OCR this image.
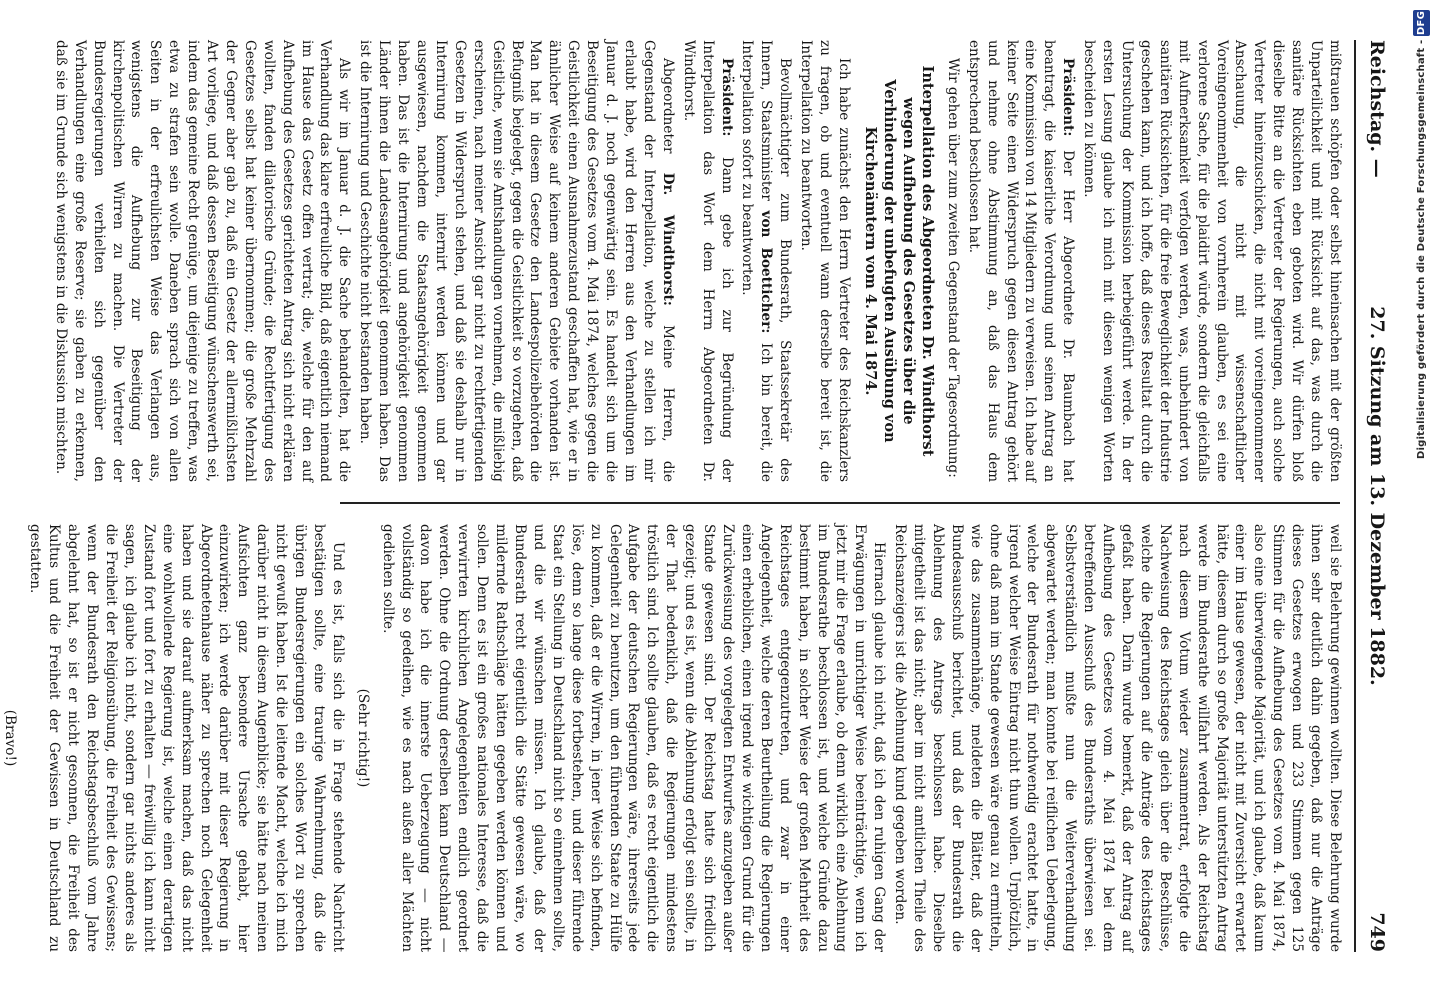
Reichstag. —
27. Sitzung am 13. Dezember 1882.
749

mißtrauen schöpfen oder selbst hineinsachen mit der größten Unparteilichkeit und mit Rücksicht auf das, was durch die sanitäre Rücksichten eben geboten wird. Wir dürfen bloß dieselbe Bitte an die Vertreter der Regierungen, auch solche Vertreter hineinzuschicken, die nicht mit voreingenommener Anschauung, die nicht mit wissenschaftlicher Voreingenommenheit von vornherein glauben, es sei eine verlorene Sache, für die plaidirt würde, sondern die gleichfalls mit Aufmerksamkeit verfolgen werden, was, unbehindert von sanitären Rücksichten, für die freie Beweglichkeit der Industrie geschehen kann, und ich hoffe, daß dieses Resultat durch die Untersuchung der Kommission herbeigeführt werde. In der ersten Lesung glaube ich mich mit diesen wenigen Worten bescheiden zu können.

Präsident: Der Herr Abgeordnete Dr. Baumbach hat beantragt, die kaiserliche Verordnung und seinen Antrag an eine Kommission von 14 Mitgliedern zu verweisen. Ich habe auf keiner Seite einen Widerspruch gegen diesen Antrag gehört und nehme ohne Abstimmung an, daß das Haus dem entsprechend beschlossen hat.

Wir gehen über zum zweiten Gegenstand der Tagesordnung:

Interpellation des Abgeordneten Dr. Windthorst wegen Aufhebung des Gesetzes über die Verhinderung der unbefugten Ausübung von Kirchenämtern vom 4. Mai 1874.

Ich habe zunächst den Herrn Vertreter des Reichskanzlers zu fragen, ob und eventuell wann derselbe bereit ist, die Interpellation zu beantworten.

Bevollmächtigter zum Bundesrath, Staatssekretär des Innern, Staatsminister von Boetticher: Ich bin bereit, die Interpellation sofort zu beantworten.

Präsident: Dann gebe ich zur Begründung der Interpellation das Wort dem Herrn Abgeordneten Dr. Windthorst.

Abgeordneter Dr. Windthorst: Meine Herren, die Gegenstand der Interpellation, welche zu stellen ich mir erlaubt habe, wird den Herren aus den Verhandlungen im Januar d. J. noch gegenwärtig sein. Es handelt sich um die Beseitigung des Gesetzes vom 4. Mai 1874, welches gegen die Geistlichkeit einen Ausnahmezustand geschaffen hat, wie er in ähnlicher Weise auf keinem anderen Gebiete vorhanden ist. Man hat in diesem Gesetze den Landespolizeibehörden die Befugniß beigelegt, gegen die Geistlichkeit so vorzugehen, daß Geistliche, wenn sie Amtshandlungen vornehmen, die mißliebig erscheinen, nach meiner Ansicht gar nicht zu rechtfertigenden Gesetzen in Widerspruch stehen, und daß sie deshalb nur in Internirung kommen, internirt werden können und gar ausgewiesen, nachdem die Staatsangehörigkeit genommen haben. Das ist die Internirung und angehörigkeit genommen Länder ihnen die Landesangehörigkeit genommen haben. Das ist die Internirung und Geschichte nicht bestanden haben.

Als wir im Januar d. J. die Sache behandelten, hat die Verhandlung das klare erfreuliche Bild, daß eigentlich niemand im Hause das Gesetz offen vertrat; die, welche für den auf Aufhebung des Gesetzes gerichteten Antrag sich nicht erklären wollten, fanden dilatorische Gründe; die Rechtfertigung des Gesetzes selbst hat keiner übernommen; die große Mehrzahl der Gegner aber gab zu, daß ein Gesetz der allermißlichsten Art vorliege, und daß dessen Beseitigung wünschenswerth sei, indem das gemeine Recht genüge, um diejenige zu treffen, was etwa zu strafen sein wolle. Daneben sprach sich von allen Seiten in der erfreulichsten Weise das Verlangen aus, wenigstens die Aufhebung zur Beseitigung der kirchenpolitischen Wirren zu machen. Die Vertreter der Bundesregierungen verhielten sich gegenüber den Verhandlungen eine große Reserve; sie gaben zu erkennen, daß sie im Grunde sich wenigstens in die Diskussion mischten.

weil sie Belehrung gewinnen wollten. Diese Belehrung wurde ihnen sehr deutlich dahin gegeben, daß nur die Anträge dieses Gesetzes erwogen und 233 Stimmen gegen 125 Stimmen für die Aufhebung des Gesetzes vom 4. Mai 1874, also eine überwiegende Majorität, und ich glaube, daß kaum einer im Hause gewesen, der nicht mit Zuversicht erwartet hätte, diesem durch so große Majorität unterstützten Antrag werde im Bundesrathe willfahrt werden. Als der Reichstag nach diesem Votum wieder zusammentrat, erfolgte die Nachweisung des Reichstages gleich über die Beschlüsse, welche die Regierungen auf die Anträge des Reichstages gefaßt haben. Darin wurde bemerkt, daß der Antrag auf Aufhebung des Gesetzes vom 4. Mai 1874 bei dem betreffenden Ausschuß des Bundesraths überwiesen sei. Selbstverständlich mußte nun die Weiterverhandlung abgewartet werden; man konnte bei reiflichen Ueberlegung, welche der Bundesrath für nothwendig erachtet hatte, in irgend welcher Weise Eintrag nicht thun wollen. Urplötzlich, ohne daß man im Stande gewesen wäre genau zu ermitteln, wie das zusammenhänge, meldeten die Blätter, daß der Bundesausschuß berichtet, und daß der Bundesrath die Ablehnung des Antrags beschlossen habe. Dieselbe mitgetheilt ist das nicht; aber im nicht amtlichen Theile des Reichsanzeigers ist die Ablehnung kund gegeben worden.

Hiernach glaube ich nicht, daß ich den ruhigen Gang der Erwägungen in unrichtiger Weise beeinträchtige, wenn ich jetzt mir die Frage erlaube, ob denn wirklich eine Ablehnung im Bundesrathe beschlossen ist, und welche Gründe dazu bestimmt haben, in solcher Weise der großen Mehrheit des Reichstages entgegenzutreten, und zwar in einer Angelegenheit, welche deren Beurtheilung die Regierungen einen erheblichen, einen irgend wie wichtigen Grund für die Zurückweisung des vorgelegten Entwurfes anzugeben außer Stande gewesen sind. Der Reichstag hatte sich friedlich gezeigt; und es ist, wenn die Ablehnung erfolgt sein sollte, in der That bedenklich, daß die Regierungen mindestens tröstlich sind. Ich sollte glauben, daß es recht eigentlich die Aufgabe der deutschen Regierungen wäre, ihrerseits jede Gelegenheit zu benutzen, um den führenden Staate zu Hülfe zu kommen, daß er die Wirren, in jener Weise sich befinden, löse, denn so lange diese fortbestehen, und dieser führende Staat ein Stellung in Deutschland nicht so einnehmen sollte, und die wir wünschen müssen. Ich glaube, daß der Bundesrath recht eigentlich die Stätte gewesen wäre, wo mildernde Rathschläge hätten gegeben werden können und sollen. Denn es ist ein großes nationales Interesse, daß die verwirrten kirchlichen Angelegenheiten endlich geordnet werden. Ohne die Ordnung derselben kann Deutschland ― davon habe ich die innerste Ueberzeugung ― nicht vollständig so gedeihen, wie es nach außen aller Mächten gediehen sollte.

(Sehr richtig!)

Und es ist, falls sich die in Frage stehende Nachricht bestätigen sollte, eine traurige Wahrnehmung, daß die übrigen Bundesregierungen ein solches Wort zu sprechen nicht gewußt haben. Ist die leitende Macht, welche ich mich darüber nicht in diesem Augenblicke; sie hätte nach meinen Aufsichten ganz besondere Ursache gehabt, hier einzuwirken; ich werde darüber mit dieser Regierung in Abgeordnetenhause näher zu sprechen noch Gelegenheit haben und sie darauf aufmerksam machen, daß das nicht eine wohlwollende Regierung ist, welche einen derartigen Zustand fort und fort zu erhalten ― freiwillig ich kann nicht sagen, ich glaube ich nicht, sondern gar nichts anderes als die Freiheit der Religionsübung, die Freiheit des Gewissens; wenn der Bundesrath den Reichstagsbeschluß vom Jahre abgelehnt hat, so ist er nicht gesonnen, die Freiheit des Kultus und die Freiheit der Gewissen in Deutschland zu gestatten.

(Bravo!)

Digitalisierung gefördert durch die Deutsche Forschungsgemeinschaft - DFG
